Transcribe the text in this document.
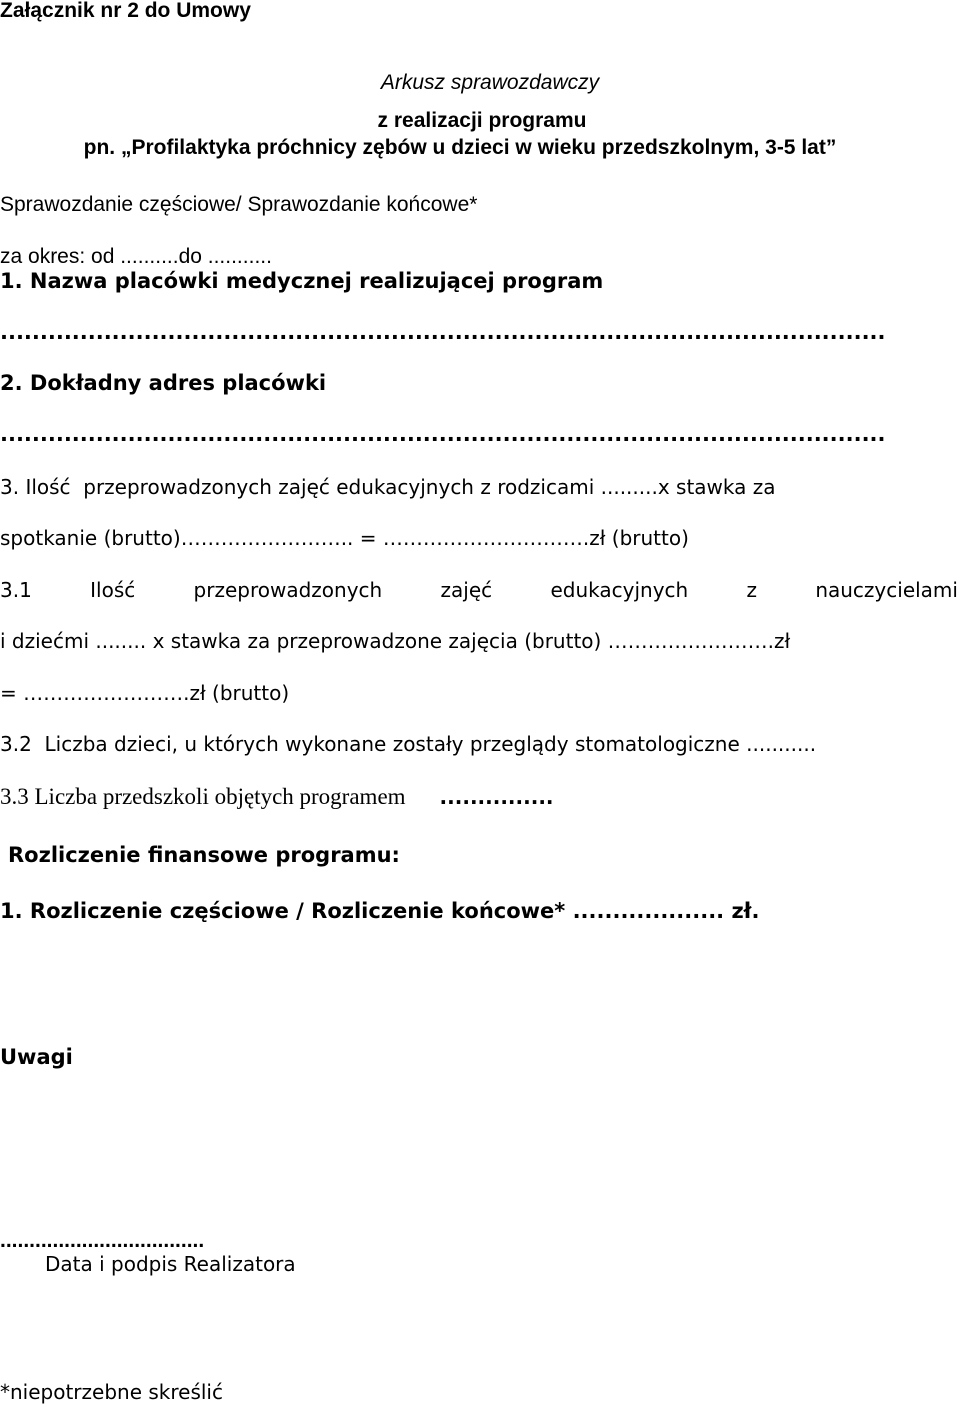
Załącznik nr 2 do Umowy

Arkusz sprawozdawczy

z realizacji programu

pn. „Profilaktyka próchnicy zębów u dzieci w wieku przedszkolnym, 3-5 lat”

Sprawozdanie częściowe/ Sprawozdanie końcowe*

za okres: od ..........do ...........

1. Nazwa placówki medycznej realizującej program

...............................................................................................................

2. Dokładny adres placówki

...............................................................................................................

3. Ilość  przeprowadzonych zajęć edukacyjnych z rodzicami .........x stawka za

spotkanie (brutto)…………………….. = ………………………….zł (brutto)

3.1	Ilość	przeprowadzonych	zajęć	edukacyjnych	z	nauczycielami

i dziećmi ........ x stawka za przeprowadzone zajęcia (brutto) …………………….zł

= …………………….zł (brutto)

3.2  Liczba dzieci, u których wykonane zostały przeglądy stomatologiczne ...........

3.3 Liczba przedszkoli objętych programem ...............

Rozliczenie finansowe programu:

1. Rozliczenie częściowe / Rozliczenie końcowe* ................... zł.

Uwagi

...................................

Data i podpis Realizatora

*niepotrzebne skreślić
